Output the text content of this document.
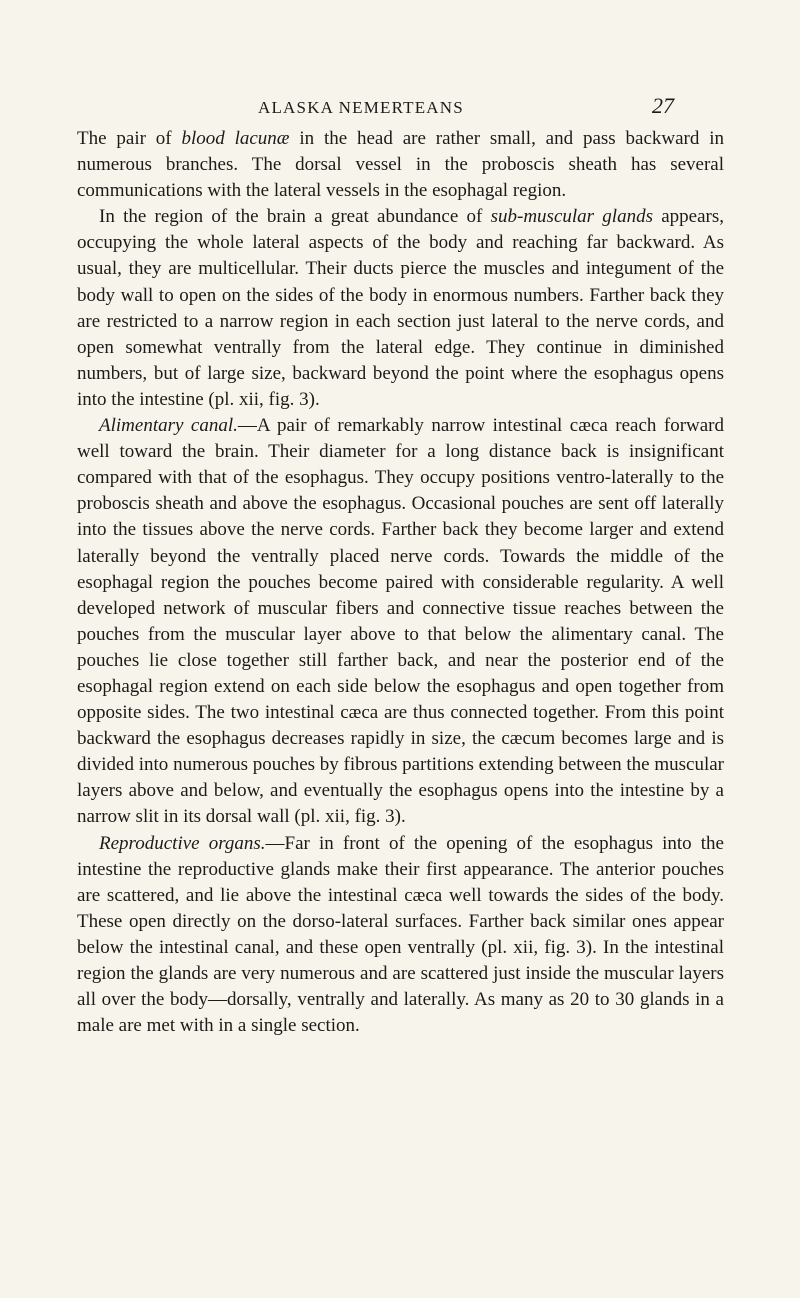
ALASKA NEMERTEANS	27

The pair of blood lacunæ in the head are rather small, and pass backward in numerous branches. The dorsal vessel in the proboscis sheath has several communications with the lateral vessels in the esophagal region.

In the region of the brain a great abundance of sub-muscular glands appears, occupying the whole lateral aspects of the body and reaching far backward. As usual, they are multicellular. Their ducts pierce the muscles and integument of the body wall to open on the sides of the body in enormous numbers. Farther back they are restricted to a narrow region in each section just lateral to the nerve cords, and open somewhat ventrally from the lateral edge. They continue in diminished numbers, but of large size, backward beyond the point where the esophagus opens into the intestine (pl. xii, fig. 3).

Alimentary canal.—A pair of remarkably narrow intestinal cæca reach forward well toward the brain. Their diameter for a long distance back is insignificant compared with that of the esophagus. They occupy positions ventro-laterally to the proboscis sheath and above the esophagus. Occasional pouches are sent off laterally into the tissues above the nerve cords. Farther back they become larger and extend laterally beyond the ventrally placed nerve cords. Towards the middle of the esophagal region the pouches become paired with considerable regularity. A well developed network of muscular fibers and connective tissue reaches between the pouches from the muscular layer above to that below the alimentary canal. The pouches lie close together still farther back, and near the posterior end of the esophagal region extend on each side below the esophagus and open together from opposite sides. The two intestinal cæca are thus connected together. From this point backward the esophagus decreases rapidly in size, the cæcum becomes large and is divided into numerous pouches by fibrous partitions extending between the muscular layers above and below, and eventually the esophagus opens into the intestine by a narrow slit in its dorsal wall (pl. xii, fig. 3).

Reproductive organs.—Far in front of the opening of the esophagus into the intestine the reproductive glands make their first appearance. The anterior pouches are scattered, and lie above the intestinal cæca well towards the sides of the body. These open directly on the dorso-lateral surfaces. Farther back similar ones appear below the intestinal canal, and these open ventrally (pl. xii, fig. 3). In the intestinal region the glands are very numerous and are scattered just inside the muscular layers all over the body—dorsally, ventrally and laterally. As many as 20 to 30 glands in a male are met with in a single section.
